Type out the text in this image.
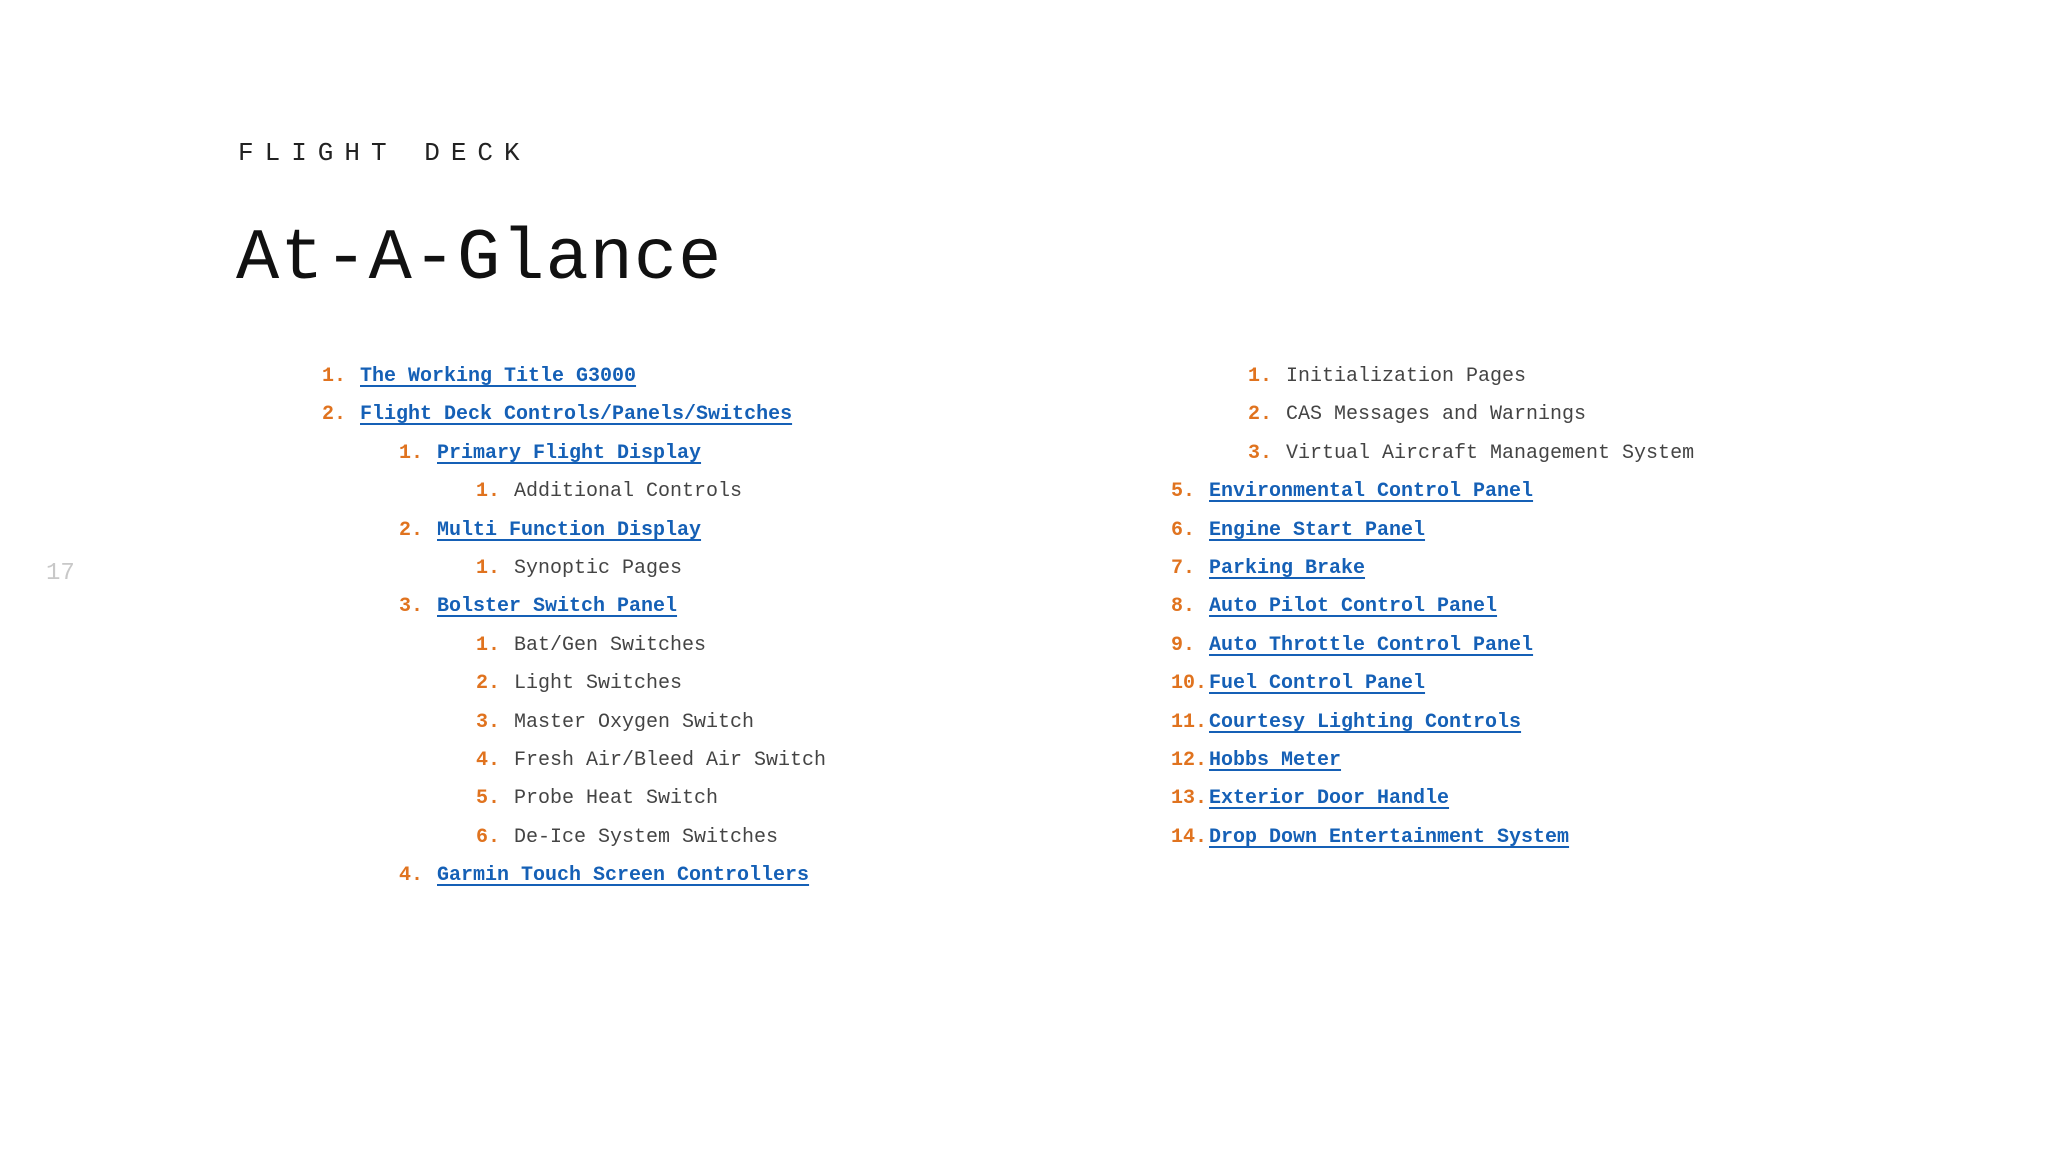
FLIGHT DECK
At-A-Glance
17
1. The Working Title G3000
2. Flight Deck Controls/Panels/Switches
1. Primary Flight Display
1. Additional Controls
2. Multi Function Display
1. Synoptic Pages
3. Bolster Switch Panel
1. Bat/Gen Switches
2. Light Switches
3. Master Oxygen Switch
4. Fresh Air/Bleed Air Switch
5. Probe Heat Switch
6. De-Ice System Switches
4. Garmin Touch Screen Controllers
1. Initialization Pages
2. CAS Messages and Warnings
3. Virtual Aircraft Management System
5. Environmental Control Panel
6. Engine Start Panel
7. Parking Brake
8. Auto Pilot Control Panel
9. Auto Throttle Control Panel
10. Fuel Control Panel
11. Courtesy Lighting Controls
12. Hobbs Meter
13. Exterior Door Handle
14. Drop Down Entertainment System
